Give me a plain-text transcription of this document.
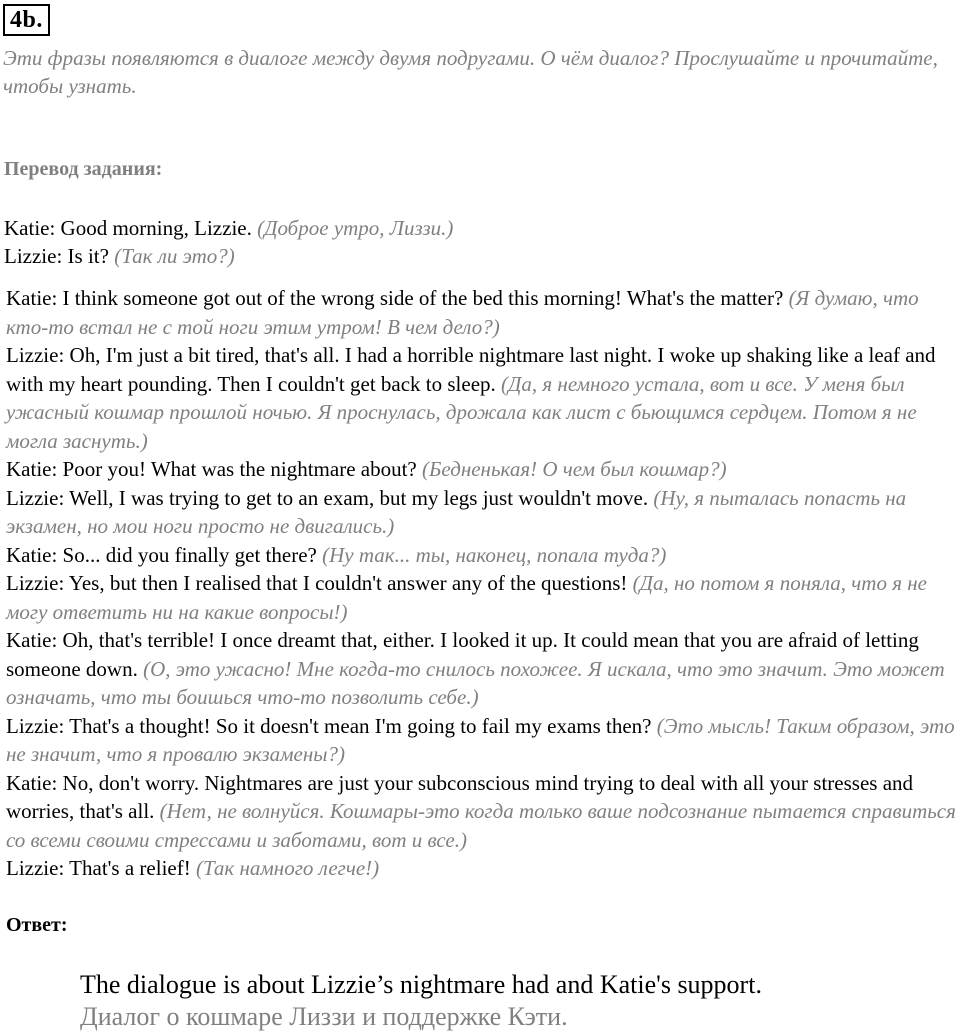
4b.
Эти фразы появляются в диалоге между двумя подругами. О чём диалог? Прослушайте и прочитайте, чтобы узнать.
Перевод задания:

Katie: Good morning, Lizzie. (Доброе утро, Лиззи.)

Lizzie: Is it? (Так ли это?)

Katie: I think someone got out of the wrong side of the bed this morning! What's the matter? (Я думаю, что кто-то встал не с той ноги этим утром! В чем дело?)

Lizzie: Oh, I'm just a bit tired, that's all. I had a horrible nightmare last night. I woke up shaking like a leaf and with my heart pounding. Then I couldn't get back to sleep. (Да, я немного устала, вот и все. У меня был ужасный кошмар прошлой ночью. Я проснулась, дрожала как лист с бьющимся сердцем. Потом я не могла заснуть.)

Katie: Poor you! What was the nightmare about? (Бедненькая! О чем был кошмар?)

Lizzie: Well, I was trying to get to an exam, but my legs just wouldn't move. (Ну, я пыталась попасть на экзамен, но мои ноги просто не двигались.)

Katie: So... did you finally get there? (Ну так... ты, наконец, попала туда?)

Lizzie: Yes, but then I realised that I couldn't answer any of the questions! (Да, но потом я поняла, что я не могу ответить ни на какие вопросы!)

Katie: Oh, that's terrible! I once dreamt that, either. I looked it up. It could mean that you are afraid of letting someone down. (О, это ужасно! Мне когда-то снилось похожее. Я искала, что это значит. Это может означать, что ты боишься что-то позволить себе.)

Lizzie: That's a thought! So it doesn't mean I'm going to fail my exams then? (Это мысль! Таким образом, это не значит, что я провалю экзамены?)

Katie: No, don't worry. Nightmares are just your subconscious mind trying to deal with all your stresses and worries, that's all. (Нет, не волнуйся. Кошмары-это когда только ваше подсознание пытается справиться со всеми своими стрессами и заботами, вот и все.)

Lizzie: That's a relief! (Так намного легче!)

Ответ:
The dialogue is about Lizzie’s nightmare had and Katie's support.
Диалог о кошмаре Лиззи и поддержке Кэти.
